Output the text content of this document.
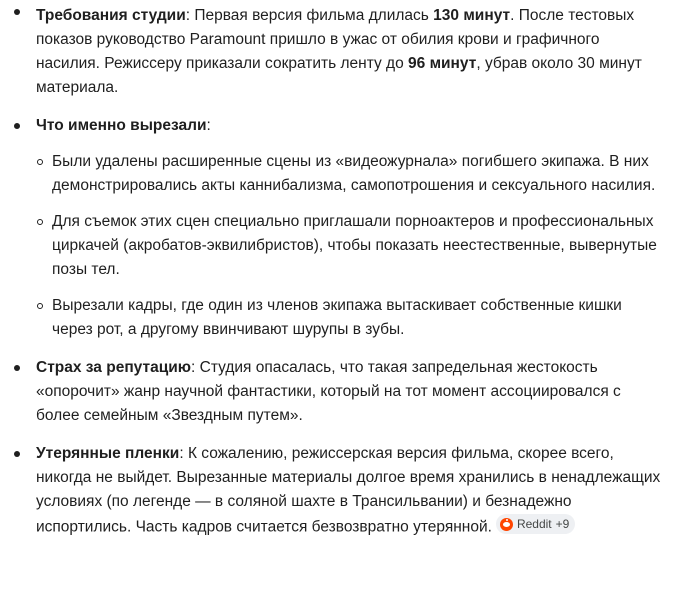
Требования студии: Первая версия фильма длилась 130 минут. После тестовых показов руководство Paramount пришло в ужас от обилия крови и графичного насилия. Режиссеру приказали сократить ленту до 96 минут, убрав около 30 минут материала.

Что именно вырезали:

Были удалены расширенные сцены из «видеожурнала» погибшего экипажа. В них демонстрировались акты каннибализма, самопотрошения и сексуального насилия.

Для съемок этих сцен специально приглашали порноактеров и профессиональных циркачей (акробатов-эквилибристов), чтобы показать неестественные, вывернутые позы тел.

Вырезали кадры, где один из членов экипажа вытаскивает собственные кишки через рот, а другому ввинчивают шурупы в зубы.

Страх за репутацию: Студия опасалась, что такая запредельная жестокость «опорочит» жанр научной фантастики, который на тот момент ассоциировался с более семейным «Звездным путем».

Утерянные пленки: К сожалению, режиссерская версия фильма, скорее всего, никогда не выйдет. Вырезанные материалы долгое время хранились в ненадлежащих условиях (по легенде — в соляной шахте в Трансильвании) и безнадежно испортились. Часть кадров считается безвозвратно утерянной. Reddit +9
